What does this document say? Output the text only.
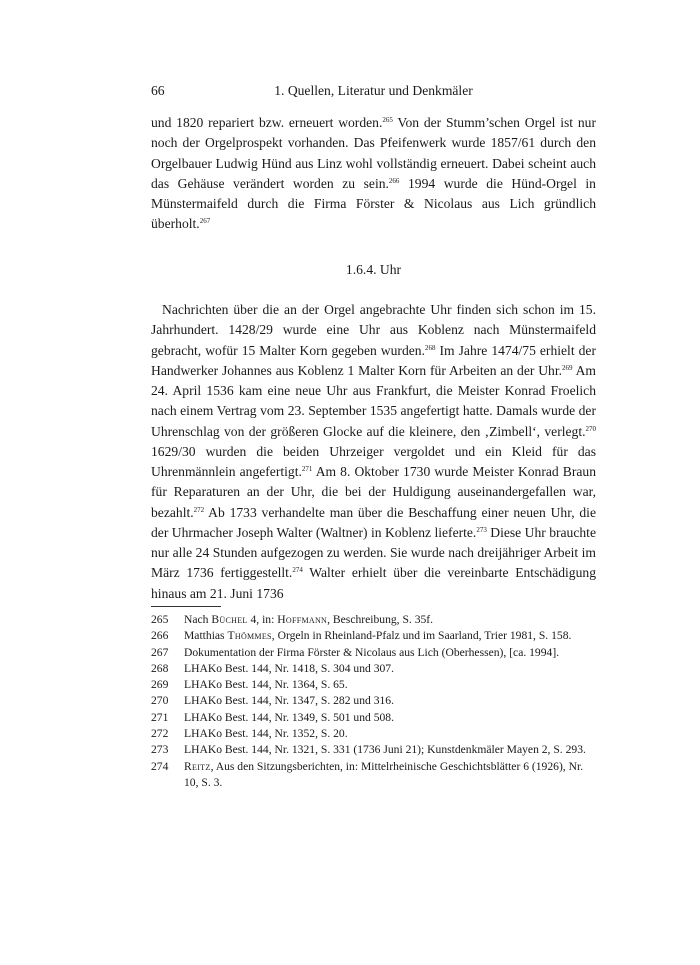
66	1. Quellen, Literatur und Denkmäler

und 1820 repariert bzw. erneuert worden.$^{265}$ Von der Stumm’schen Orgel ist nur noch der Orgelprospekt vorhanden. Das Pfeifenwerk wurde 1857/61 durch den Orgelbauer Ludwig Hünd aus Linz wohl vollständig erneuert. Dabei scheint auch das Gehäuse verändert worden zu sein.$^{266}$ 1994 wurde die Hünd-Orgel in Münstermaifeld durch die Firma Förster & Nicolaus aus Lich gründlich überholt.$^{267}$

1.6.4. Uhr

Nachrichten über die an der Orgel angebrachte Uhr finden sich schon im 15. Jahrhundert. 1428/29 wurde eine Uhr aus Koblenz nach Münstermaifeld gebracht, wofür 15 Malter Korn gegeben wurden.$^{268}$ Im Jahre 1474/75 erhielt der Handwerker Johannes aus Koblenz 1 Malter Korn für Arbeiten an der Uhr.$^{269}$ Am 24. April 1536 kam eine neue Uhr aus Frankfurt, die Meister Konrad Froelich nach einem Vertrag vom 23. September 1535 angefertigt hatte. Damals wurde der Uhrenschlag von der größeren Glocke auf die kleinere, den ‚Zimbell‘, verlegt.$^{270}$ 1629/30 wurden die beiden Uhrzeiger vergoldet und ein Kleid für das Uhrenmännlein angefertigt.$^{271}$ Am 8. Oktober 1730 wurde Meister Konrad Braun für Reparaturen an der Uhr, die bei der Huldigung auseinandergefallen war, bezahlt.$^{272}$ Ab 1733 verhandelte man über die Beschaffung einer neuen Uhr, die der Uhrmacher Joseph Walter (Waltner) in Koblenz lieferte.$^{273}$ Diese Uhr brauchte nur alle 24 Stunden aufgezogen zu werden. Sie wurde nach dreijähriger Arbeit im März 1736 fertiggestellt.$^{274}$ Walter erhielt über die vereinbarte Entschädigung hinaus am 21. Juni 1736

265 Nach Büchel 4, in: Hoffmann, Beschreibung, S. 35f.
266 Matthias Thömmes, Orgeln in Rheinland-Pfalz und im Saarland, Trier 1981, S. 158.
267 Dokumentation der Firma Förster & Nicolaus aus Lich (Oberhessen), [ca. 1994].
268 LHAKo Best. 144, Nr. 1418, S. 304 und 307.
269 LHAKo Best. 144, Nr. 1364, S. 65.
270 LHAKo Best. 144, Nr. 1347, S. 282 und 316.
271 LHAKo Best. 144, Nr. 1349, S. 501 und 508.
272 LHAKo Best. 144, Nr. 1352, S. 20.
273 LHAKo Best. 144, Nr. 1321, S. 331 (1736 Juni 21); Kunstdenkmäler Mayen 2, S. 293.
274 Reitz, Aus den Sitzungsberichten, in: Mittelrheinische Geschichtsblätter 6 (1926), Nr. 10, S. 3.
